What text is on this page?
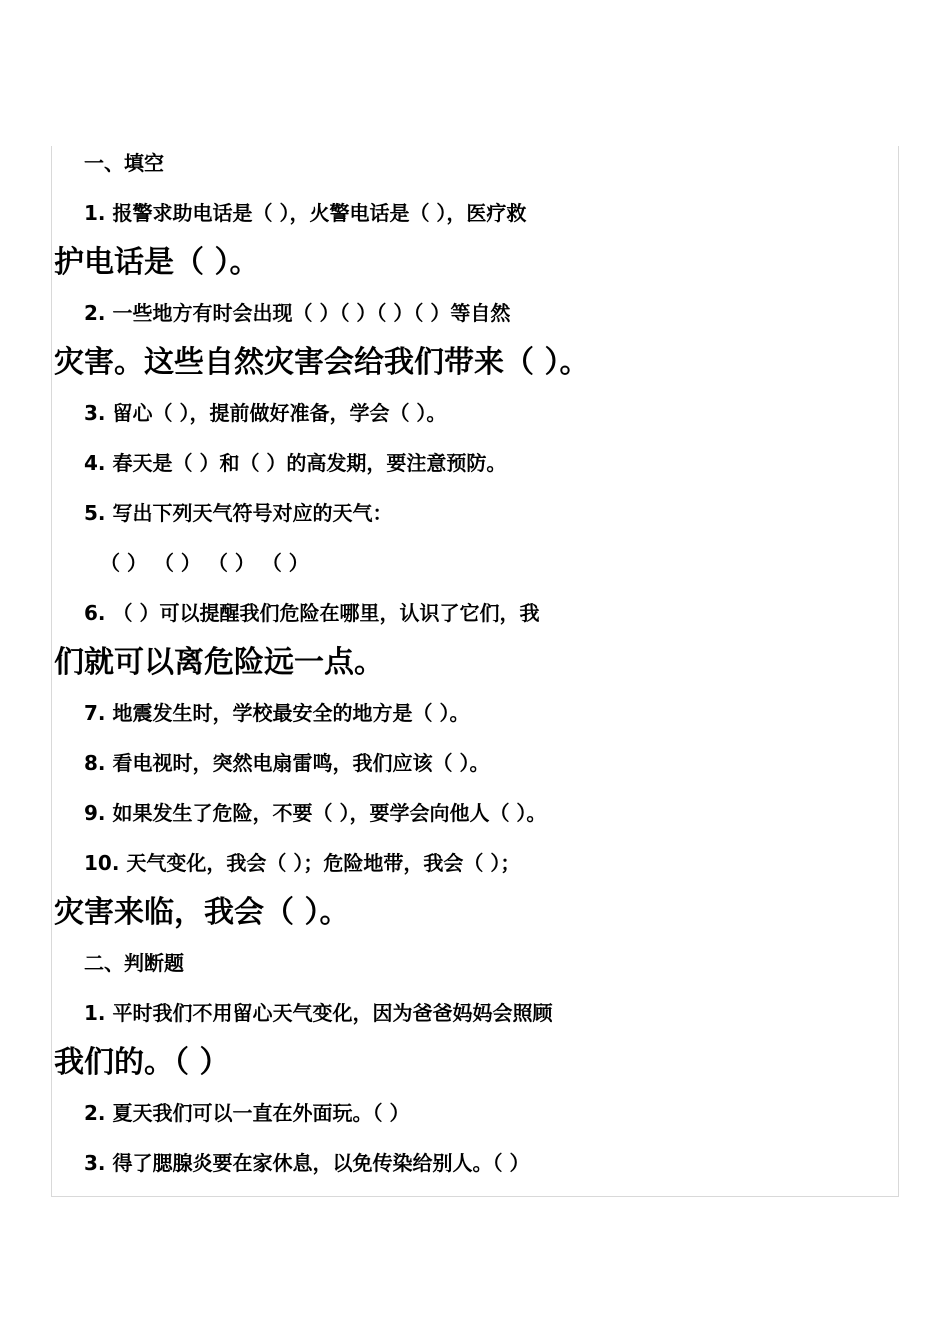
一、填空
1. 报警求助电话是（ ），火警电话是（ ），医疗救
护电话是（ ）。
2. 一些地方有时会出现（ ）（ ）（ ）（ ）等自然
灾害。这些自然灾害会给我们带来（ ）。
3. 留心（ ），提前做好准备，学会（ ）。
4. 春天是（ ）和（ ）的高发期，要注意预防。
5. 写出下列天气符号对应的天气：
（ ） （ ） （ ） （ ）
6. （ ）可以提醒我们危险在哪里，认识了它们，我
们就可以离危险远一点。
7. 地震发生时，学校最安全的地方是（ ）。
8. 看电视时，突然电扇雷鸣，我们应该（ ）。
9. 如果发生了危险，不要（ ），要学会向他人（ ）。
10. 天气变化，我会（ ）；危险地带，我会（ ）；
灾害来临，我会（ ）。
二、判断题
1. 平时我们不用留心天气变化，因为爸爸妈妈会照顾
我们的。（ ）
2. 夏天我们可以一直在外面玩。（ ）
3. 得了腮腺炎要在家休息，以免传染给别人。（ ）
